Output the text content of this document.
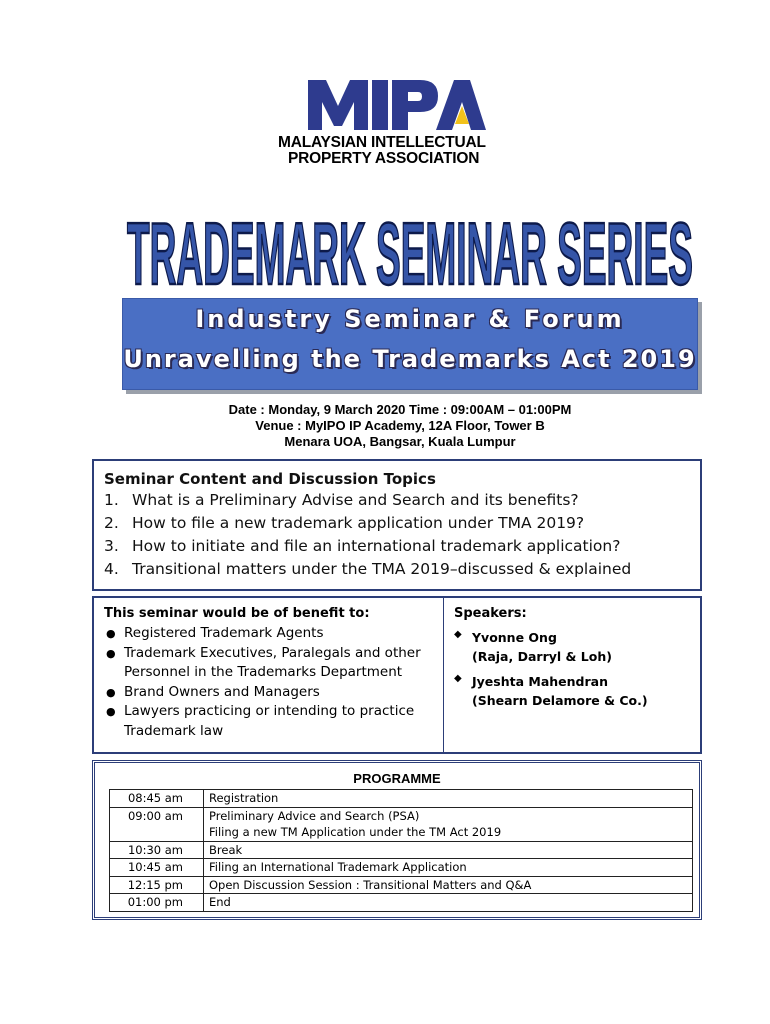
MALAYSIAN INTELLECTUAL
PROPERTY ASSOCIATION
TRADEMARK SEMINAR SERIES
Industry Seminar & Forum
Unravelling the Trademarks Act 2019
Date : Monday, 9 March 2020 Time : 09:00AM – 01:00PM
Venue : MyIPO IP Academy, 12A Floor, Tower B
Menara UOA, Bangsar, Kuala Lumpur
Seminar Content and Discussion Topics
1. What is a Preliminary Advise and Search and its benefits?
2. How to file a new trademark application under TMA 2019?
3. How to initiate and file an international trademark application?
4. Transitional matters under the TMA 2019–discussed & explained
This seminar would be of benefit to:
● Registered Trademark Agents
● Trademark Executives, Paralegals and other
Personnel in the Trademarks Department
● Brand Owners and Managers
● Lawyers practicing or intending to practice
Trademark law
Speakers:
◆ Yvonne Ong
(Raja, Darryl & Loh)
◆ Jyeshta Mahendran
(Shearn Delamore & Co.)
PROGRAMME
08:45 am	Registration

09:00 am	Preliminary Advice and Search (PSA)
Filing a new TM Application under the TM Act 2019

10:30 am	Break

10:45 am	Filing an International Trademark Application

12:15 pm	Open Discussion Session : Transitional Matters and Q&A

01:00 pm	End
